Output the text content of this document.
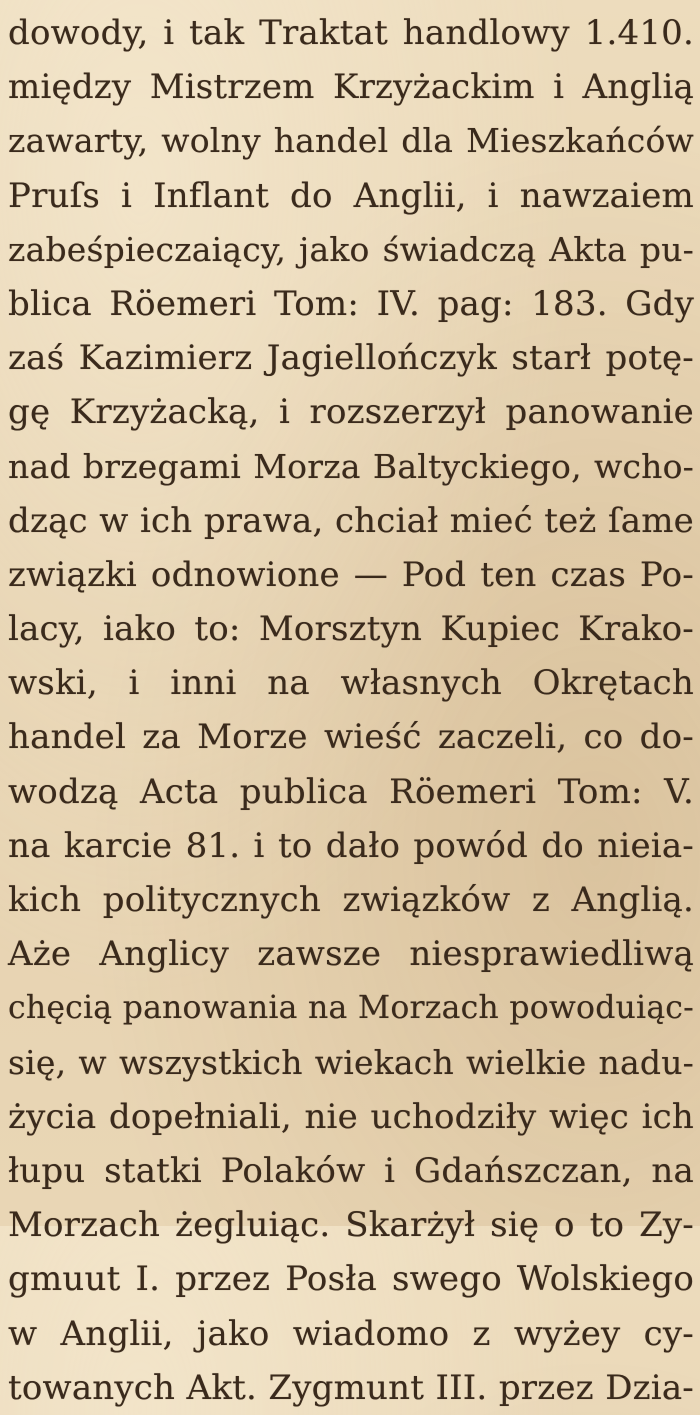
dowody, i tak Traktat handlowy 1.410.
między Mistrzem Krzyżackim i Anglią
zawarty, wolny handel dla Mieszkańców
Pruſs i Inflant do Anglii, i nawzaiem
zabeśpieczaiący, jako świadczą Akta pu-
blica Röemeri Tom: IV. pag: 183. Gdy
zaś Kazimierz Jagiellończyk starł potę-
gę Krzyżacką, i rozszerzył panowanie
nad brzegami Morza Baltyckiego, wcho-
dząc w ich prawa, chciał mieć też ſame
związki odnowione — Pod ten czas Po-
lacy, iako to: Morsztyn Kupiec Krako-
wski, i inni na własnych Okrętach
handel za Morze wieść zaczeli, co do-
wodzą Acta publica Röemeri Tom: V.
na karcie 81. i to dało powód do nieia-
kich politycznych związków z Anglią.
Aże Anglicy zawsze niesprawiedliwą
chęcią panowania na Morzach powoduiąc-
się, w wszystkich wiekach wielkie nadu-
życia dopełniali, nie uchodziły więc ich
łupu statki Polaków i Gdańszczan, na
Morzach żegluiąc. Skarżył się o to Zy-
gmuut I. przez Posła swego Wolskiego
w Anglii, jako wiadomo z wyżey cy-
towanych Akt. Zygmunt III. przez Dzia-
